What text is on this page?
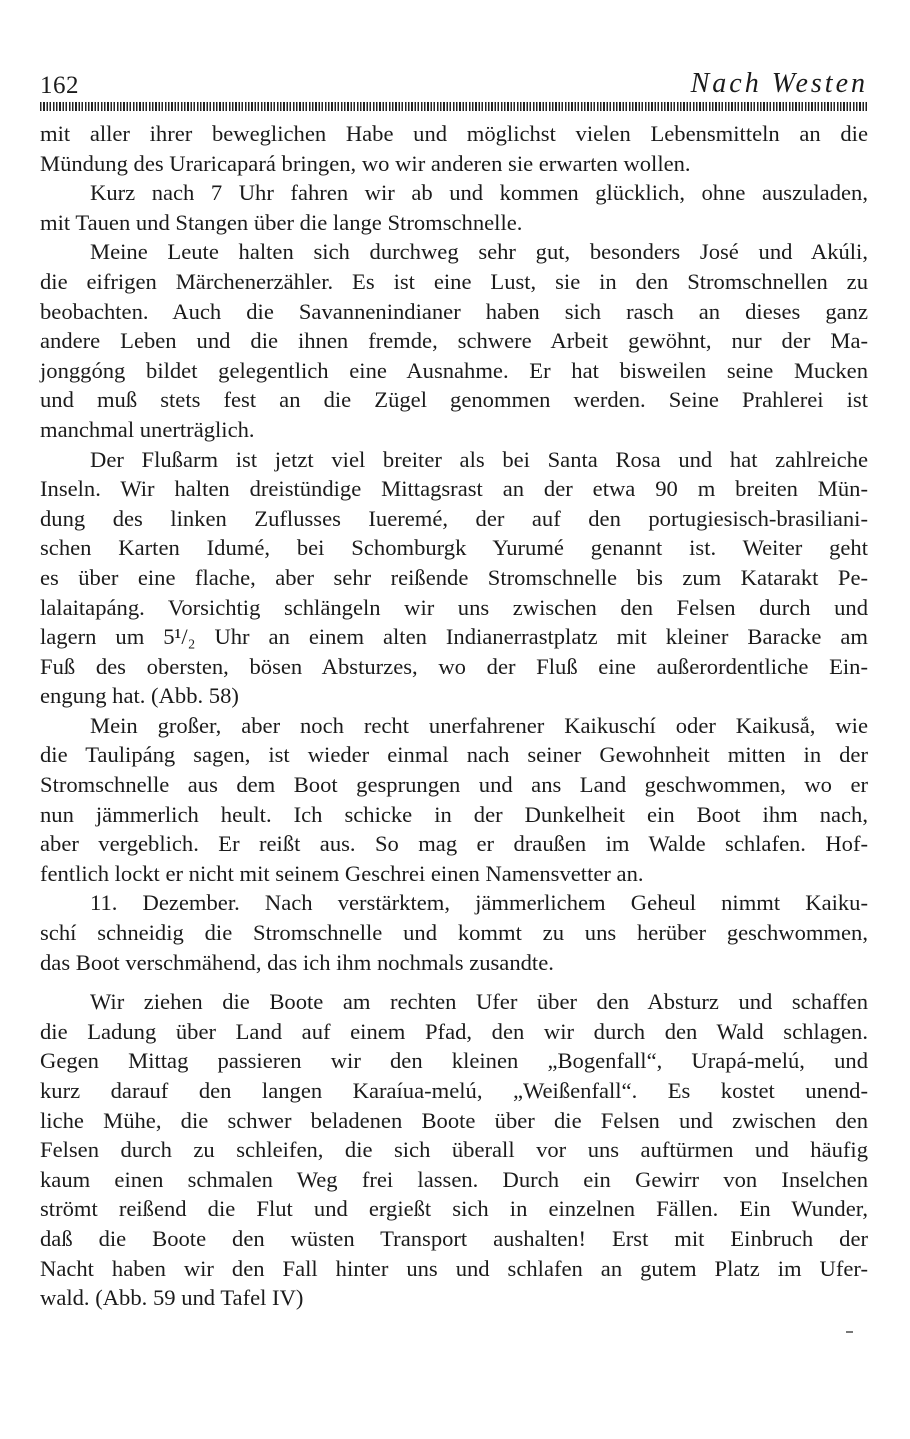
162	Nach Westen
mit aller ihrer beweglichen Habe und möglichst vielen Lebensmitteln an die
Mündung des Uraricapará bringen, wo wir anderen sie erwarten wollen.
Kurz nach 7 Uhr fahren wir ab und kommen glücklich, ohne auszuladen,
mit Tauen und Stangen über die lange Stromschnelle.
Meine Leute halten sich durchweg sehr gut, besonders José und Akúli,
die eifrigen Märchenerzähler. Es ist eine Lust, sie in den Stromschnellen zu
beobachten. Auch die Savannenindianer haben sich rasch an dieses ganz
andere Leben und die ihnen fremde, schwere Arbeit gewöhnt, nur der Ma-
jonggóng bildet gelegentlich eine Ausnahme. Er hat bisweilen seine Mucken
und muß stets fest an die Zügel genommen werden. Seine Prahlerei ist
manchmal unerträglich.
Der Flußarm ist jetzt viel breiter als bei Santa Rosa und hat zahlreiche
Inseln. Wir halten dreistündige Mittagsrast an der etwa 90 m breiten Mün-
dung des linken Zuflusses Iueremé, der auf den portugiesisch-brasiliani-
schen Karten Idumé, bei Schomburgk Yurumé genannt ist. Weiter geht
es über eine flache, aber sehr reißende Stromschnelle bis zum Katarakt Pe-
lalaitapáng. Vorsichtig schlängeln wir uns zwischen den Felsen durch und
lagern um 5¹/₂ Uhr an einem alten Indianerrastplatz mit kleiner Baracke am
Fuß des obersten, bösen Absturzes, wo der Fluß eine außerordentliche Ein-
engung hat. (Abb. 58)
Mein großer, aber noch recht unerfahrener Kaikuschí oder Kaikusắ, wie
die Taulipáng sagen, ist wieder einmal nach seiner Gewohnheit mitten in der
Stromschnelle aus dem Boot gesprungen und ans Land geschwommen, wo er
nun jämmerlich heult. Ich schicke in der Dunkelheit ein Boot ihm nach,
aber vergeblich. Er reißt aus. So mag er draußen im Walde schlafen. Hof-
fentlich lockt er nicht mit seinem Geschrei einen Namensvetter an.
11. Dezember. Nach verstärktem, jämmerlichem Geheul nimmt Kaiku-
schí schneidig die Stromschnelle und kommt zu uns herüber geschwommen,
das Boot verschmähend, das ich ihm nochmals zusandte.
Wir ziehen die Boote am rechten Ufer über den Absturz und schaffen
die Ladung über Land auf einem Pfad, den wir durch den Wald schlagen.
Gegen Mittag passieren wir den kleinen „Bogenfall“, Urapá-melú, und
kurz darauf den langen Karaíua-melú, „Weißenfall“. Es kostet unend-
liche Mühe, die schwer beladenen Boote über die Felsen und zwischen den
Felsen durch zu schleifen, die sich überall vor uns auftürmen und häufig
kaum einen schmalen Weg frei lassen. Durch ein Gewirr von Inselchen
strömt reißend die Flut und ergießt sich in einzelnen Fällen. Ein Wunder,
daß die Boote den wüsten Transport aushalten! Erst mit Einbruch der
Nacht haben wir den Fall hinter uns und schlafen an gutem Platz im Ufer-
wald. (Abb. 59 und Tafel IV)
